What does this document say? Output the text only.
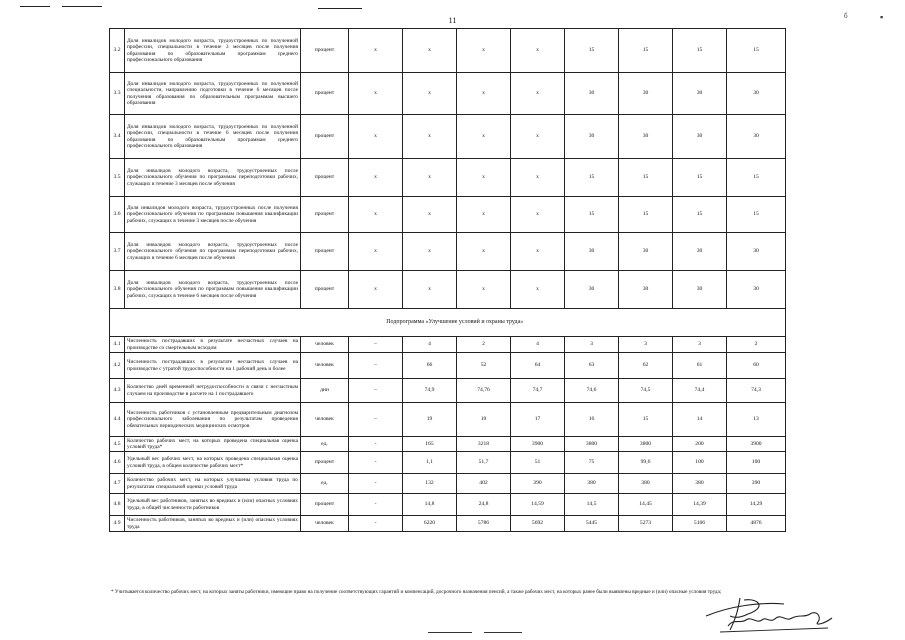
11	б	▪
3.2	Доля инвалидов молодого возраста, трудоустроенных по полученной профессии, специальности в течение 3 месяцев после получения образования по образовательным программам среднего профессионального образования	процент	х	х	х	х	15	15	15	15
3.3	Доля инвалидов молодого возраста, трудоустроенных по полученной специальности, направлению подготовки в течение 6 месяцев после получения образования по образовательным программам высшего образования	процент	х	х	х	х	30	30	30	30
3.4	Доля инвалидов молодого возраста, трудоустроенных по полученной профессии, специальности в течение 6 месяцев после получения образования по образовательным программам среднего профессионального образования	процент	х	х	х	х	30	30	30	30
3.5	Доля инвалидов молодого возраста, трудоустроенных после профессионального обучения по программам переподготовки рабочих, служащих в течение 3 месяцев после обучения	процент	х	х	х	х	15	15	15	15
3.6	Доля инвалидов молодого возраста, трудоустроенных после получения профессионального обучения по программам повышения квалификации рабочих, служащих в течение 3 месяцев после обучения	процент	х	х	х	х	15	15	15	15
3.7	Доля инвалидов молодого возраста, трудоустроенных после профессионального обучения по программам переподготовки рабочих, служащих в течение 6 месяцев после обучения	процент	х	х	х	х	30	30	30	30
3.8	Доля инвалидов молодого возраста, трудоустроенных после профессионального обучения по программам повышения квалификации рабочих, служащих в течение 6 месяцев после обучения	процент	х	х	х	х	30	30	30	30
	Подпрограмма «Улучшение условий и охраны труда»									
4.1	Численность пострадавших в результате несчастных случаев на производстве со смертельным исходом	человек	–	4	2	4	3	3	3	2
4.2	Численность пострадавших в результате несчастных случаев на производстве с утратой трудоспособности на 1 рабочий день и более	человек	–	66	52	64	63	62	61	60
4.3	Количество дней временной нетрудоспособности в связи с несчастным случаем на производстве в расчете на 1 пострадавшего	дни	–	74,9	74,76	74,7	74,6	74,5	74,4	74,3
4.4	Численность работников с установленным предварительным диагнозом профессионального заболевания по результатам проведения обязательных периодических медицинских осмотров	человек	–	19	10	17	16	15	14	13
4.5	Количество рабочих мест, на которых проведена специальная оценка условий труда*	ед.	-	165	3218	3900	3800	3800	200	3900
4.6	Удельный вес рабочих мест, на которых проведена специальная оценка условий труда, в общем количестве рабочих мест*	процент	-	1,1	51,7	51	75	99,6	100	100
4.7	Количество рабочих мест, на которых улучшены условия труда по результатам специальной оценки условий труда	ед.	-	132	402	390	380	380	380	390
4.8	Удельный вес работников, занятых во вредных и (или) опасных условиях труда, в общей численности работников	процент	-	14,8	24,8	14,59	14,5	14,45	14,39	14,29
4.9	Численность работников, занятых во вредных и (или) опасных условиях труда	человек	-	6220	5786	5692	5445	5273	5106	4876
* Учитывается количество рабочих мест, на которых заняты работники, имеющие право на получение соответствующих гарантий и компенсаций, досрочного назначения пенсий, а также рабочих мест, на которых ранее были выявлены вредные и (или) опасные условия труда;
